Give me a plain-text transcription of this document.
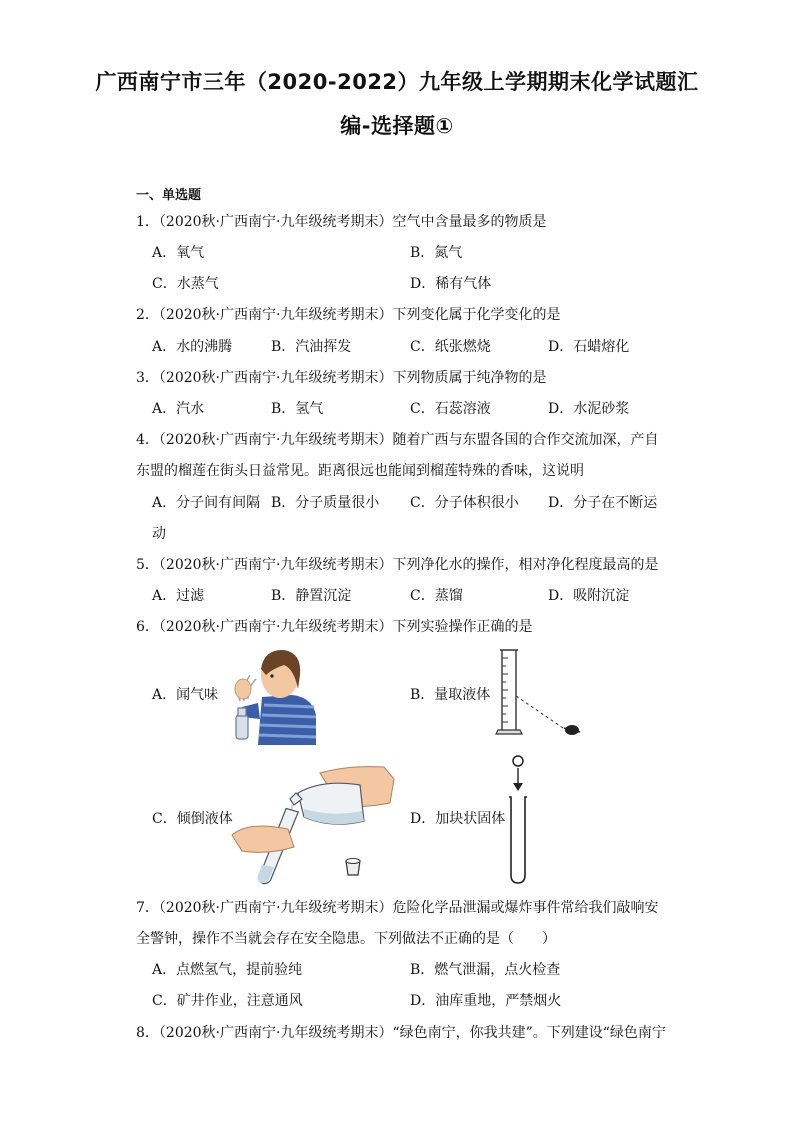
广西南宁市三年（2020-2022）九年级上学期期末化学试题汇
编-选择题①
一、单选题
1．（2020秋·广西南宁·九年级统考期末）空气中含量最多的物质是
A．氧气	B．氮气
C．水蒸气	D．稀有气体
2．（2020秋·广西南宁·九年级统考期末）下列变化属于化学变化的是
A．水的沸腾	B．汽油挥发	C．纸张燃烧	D．石蜡熔化
3．（2020秋·广西南宁·九年级统考期末）下列物质属于纯净物的是
A．汽水	B．氢气	C．石蕊溶液	D．水泥砂浆
4．（2020秋·广西南宁·九年级统考期末）随着广西与东盟各国的合作交流加深，产自
东盟的榴莲在街头日益常见。距离很远也能闻到榴莲特殊的香味，这说明
A．分子间有间隔 B．分子质量很小 C．分子体积很小 D．分子在不断运
动
5．（2020秋·广西南宁·九年级统考期末）下列净化水的操作，相对净化程度最高的是
A．过滤	B．静置沉淀	C．蒸馏	D．吸附沉淀
6．（2020秋·广西南宁·九年级统考期末）下列实验操作正确的是
A．闻气味	B．量取液体
C．倾倒液体	D．加块状固体
7．（2020秋·广西南宁·九年级统考期末）危险化学品泄漏或爆炸事件常给我们敲响安
全警钟，操作不当就会存在安全隐患。下列做法不正确的是（　　）
A．点燃氢气，提前验纯	B．燃气泄漏，点火检查
C．矿井作业，注意通风	D．油库重地，严禁烟火
8．（2020秋·广西南宁·九年级统考期末）“绿色南宁，你我共建”。下列建设“绿色南宁
